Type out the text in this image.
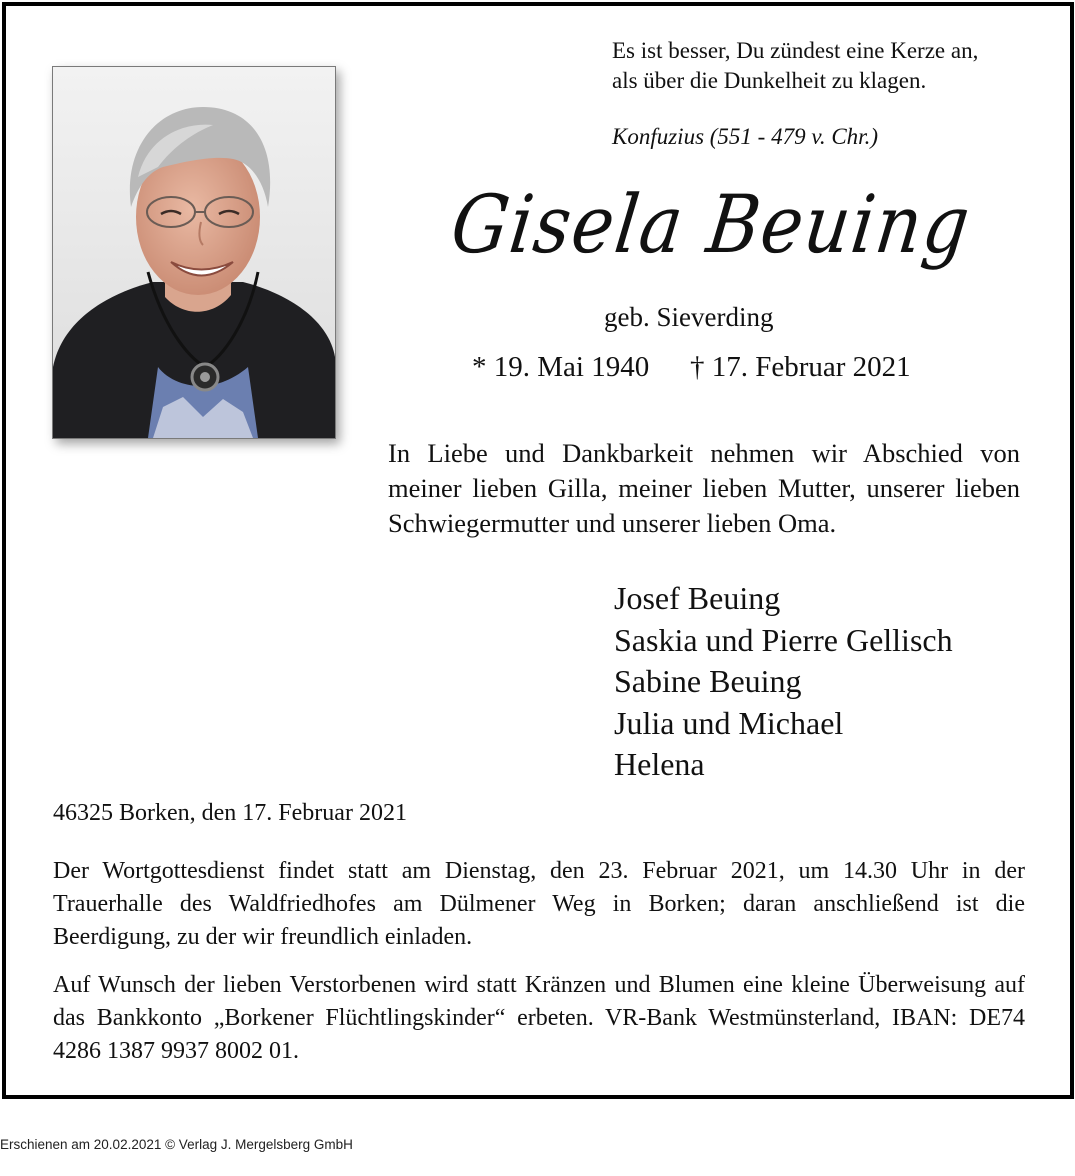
Es ist besser, Du zündest eine Kerze an,
als über die Dunkelheit zu klagen.
Konfuzius (551 - 479 v. Chr.)
Gisela Beuing
geb. Sieverding
* 19. Mai 1940 † 17. Februar 2021
In Liebe und Dankbarkeit nehmen wir Abschied von meiner lieben Gilla, meiner lieben Mutter, unserer lieben Schwiegermutter und unserer lieben Oma.
Josef Beuing
Saskia und Pierre Gellisch
Sabine Beuing
Julia und Michael
Helena
46325 Borken, den 17. Februar 2021
Der Wortgottesdienst findet statt am Dienstag, den 23. Februar 2021, um 14.30 Uhr in der Trauerhalle des Waldfriedhofes am Dülmener Weg in Borken; daran anschließend ist die Beerdigung, zu der wir freundlich einladen.
Auf Wunsch der lieben Verstorbenen wird statt Kränzen und Blumen eine kleine Überweisung auf das Bankkonto „Borkener Flüchtlingskinder“ erbeten. VR-Bank Westmünsterland, IBAN: DE74 4286 1387 9937 8002 01.
Erschienen am 20.02.2021 © Verlag J. Mergelsberg GmbH
